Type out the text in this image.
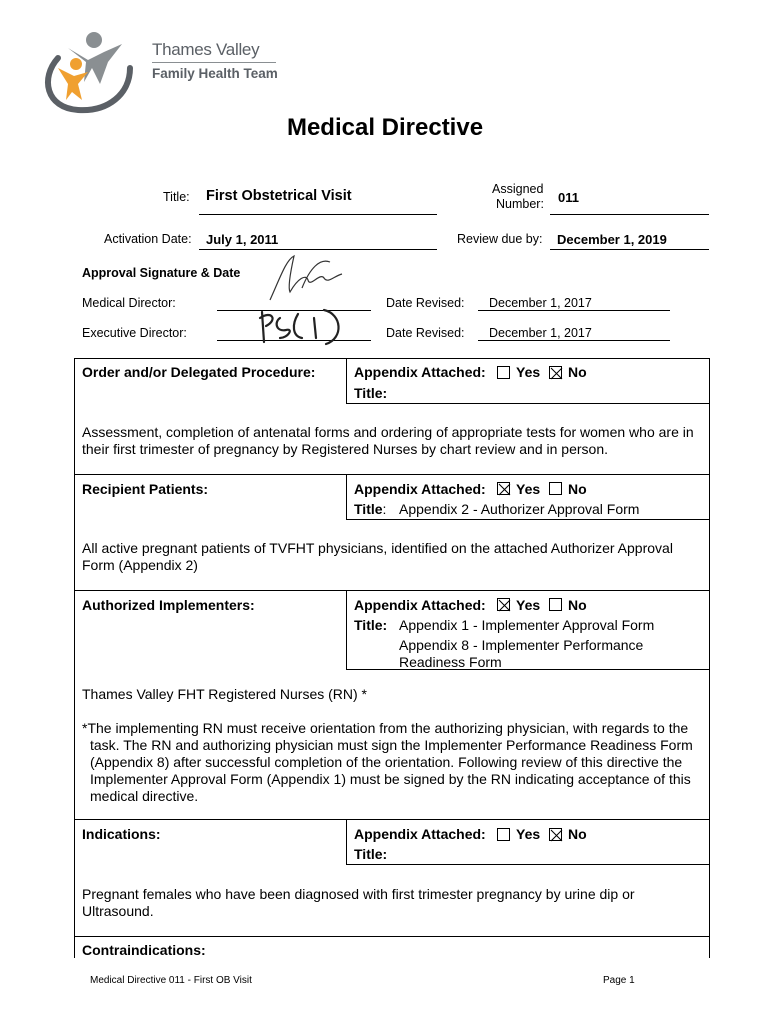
Thames Valley
Family Health Team
Medical Directive
Title: First Obstetrical Visit	Assigned
Number: 011
Activation Date: July 1, 2011	Review due by: December 1, 2019
Approval Signature & Date
Medical Director:	Date Revised: December 1, 2017
Executive Director:	Date Revised: December 1, 2017
Order and/or Delegated Procedure:	Appendix Attached: Yes No
Title:
Assessment, completion of antenatal forms and ordering of appropriate tests for women who are in their first trimester of pregnancy by Registered Nurses by chart review and in person.
Recipient Patients:	Appendix Attached: Yes No
Title: Appendix 2 - Authorizer Approval Form
All active pregnant patients of TVFHT physicians, identified on the attached Authorizer Approval Form (Appendix 2)
Authorized Implementers:	Appendix Attached: Yes No
Title: Appendix 1 - Implementer Approval Form
Appendix 8 - Implementer Performance Readiness Form
Thames Valley FHT Registered Nurses (RN) *
*The implementing RN must receive orientation from the authorizing physician, with regards to the task. The RN and authorizing physician must sign the Implementer Performance Readiness Form (Appendix 8) after successful completion of the orientation. Following review of this directive the Implementer Approval Form (Appendix 1) must be signed by the RN indicating acceptance of this medical directive.
Indications:	Appendix Attached: Yes No
Title:
Pregnant females who have been diagnosed with first trimester pregnancy by urine dip or Ultrasound.
Contraindications:
Medical Directive 011 - First OB Visit	Page 1
